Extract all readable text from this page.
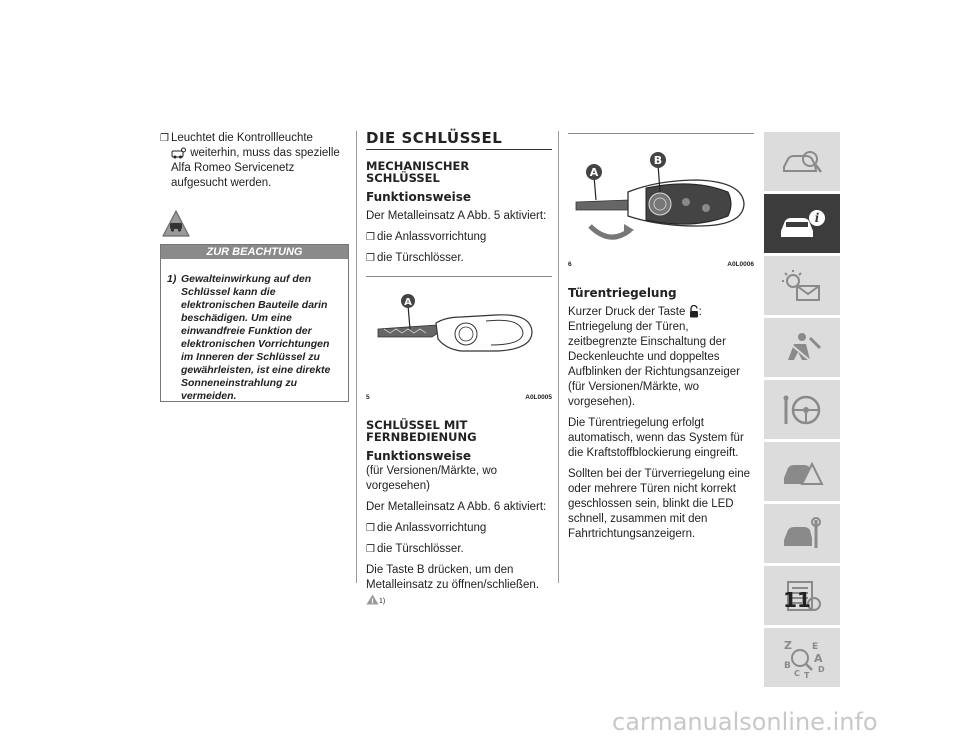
❒ Leuchtet die Kontrollleuchte
weiterhin, muss das spezielle Alfa Romeo Servicenetz aufgesucht werden.
ZUR BEACHTUNG
1) Gewalteinwirkung auf den Schlüssel kann die elektronischen Bauteile darin beschädigen. Um eine einwandfreie Funktion der elektronischen Vorrichtungen im Inneren der Schlüssel zu gewährleisten, ist eine direkte Sonneneinstrahlung zu vermeiden.
DIE SCHLÜSSEL
MECHANISCHER SCHLÜSSEL
Funktionsweise

Der Metalleinsatz A Abb. 5 aktiviert:

❒ die Anlassvorrichtung
❒ die Türschlösser.
A
5	A0L0005
SCHLÜSSEL MIT FERNBEDIENUNG
Funktionsweise

(für Versionen/Märkte, wo vorgesehen)

Der Metalleinsatz A Abb. 6 aktiviert:

❒ die Anlassvorrichtung
❒ die Türschlösser.

Die Taste B drücken, um den Metalleinsatz zu öffnen/schließen.
! 1)

A
B
6	A0L0006
Türentriegelung

Kurzer Druck der Taste : Entriegelung der Türen, zeitbegrenzte Einschaltung der Deckenleuchte und doppeltes Aufblinken der Richtungsanzeiger (für Versionen/Märkte, wo vorgesehen).

Die Türentriegelung erfolgt automatisch, wenn das System für die Kraftstoffblockierung eingreift.

Sollten bei der Türverriegelung eine oder mehrere Türen nicht korrekt geschlossen sein, blinkt die LED schnell, zusammen mit den Fahrtrichtungsanzeigern.

i
Z
B
E
A
C T
D
11
carmanualsonline.info
